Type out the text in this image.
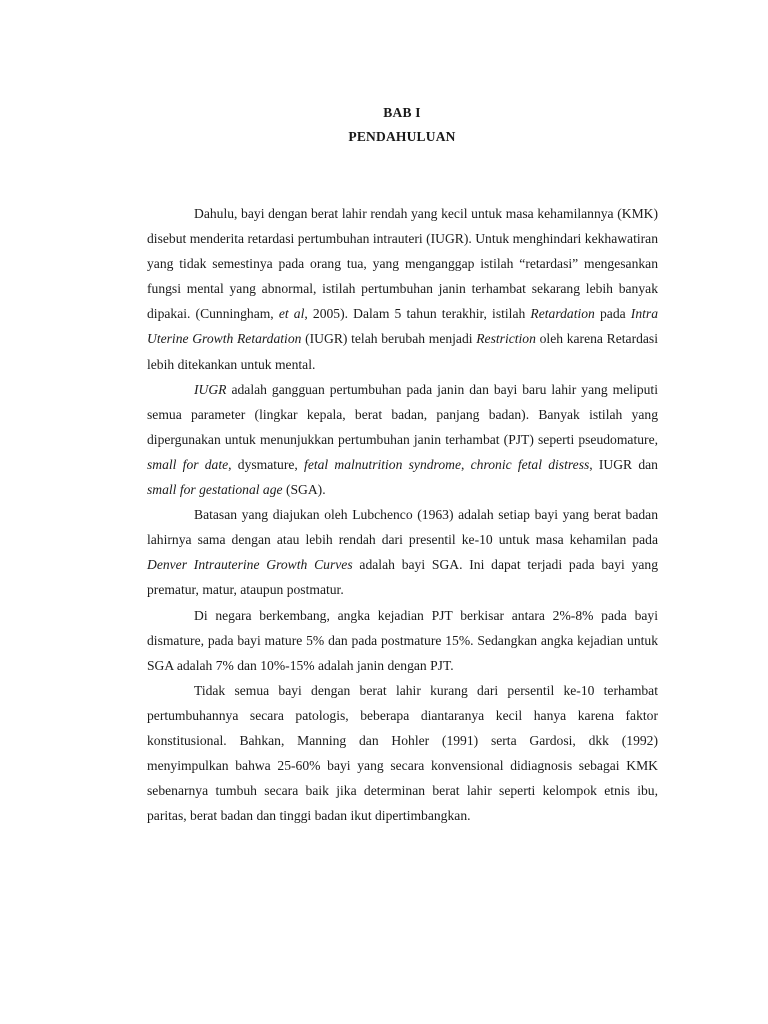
BAB I
PENDAHULUAN

Dahulu, bayi dengan berat lahir rendah yang kecil untuk masa kehamilannya (KMK) disebut menderita retardasi pertumbuhan intrauteri (IUGR). Untuk menghindari kekhawatiran yang tidak semestinya pada orang tua, yang menganggap istilah “retardasi” mengesankan fungsi mental yang abnormal, istilah pertumbuhan janin terhambat sekarang lebih banyak dipakai. (Cunningham, et al, 2005). Dalam 5 tahun terakhir, istilah Retardation pada Intra Uterine Growth Retardation (IUGR) telah berubah menjadi Restriction oleh karena Retardasi lebih ditekankan untuk mental.

IUGR adalah gangguan pertumbuhan pada janin dan bayi baru lahir yang meliputi semua parameter (lingkar kepala, berat badan, panjang badan). Banyak istilah yang dipergunakan untuk menunjukkan pertumbuhan janin terhambat (PJT) seperti pseudomature, small for date, dysmature, fetal malnutrition syndrome, chronic fetal distress, IUGR dan small for gestational age (SGA).

Batasan yang diajukan oleh Lubchenco (1963) adalah setiap bayi yang berat badan lahirnya sama dengan atau lebih rendah dari presentil ke-10 untuk masa kehamilan pada Denver Intrauterine Growth Curves adalah bayi SGA. Ini dapat terjadi pada bayi yang prematur, matur, ataupun postmatur.

Di negara berkembang, angka kejadian PJT berkisar antara 2%-8% pada bayi dismature, pada bayi mature 5% dan pada postmature 15%. Sedangkan angka kejadian untuk SGA adalah 7% dan 10%-15% adalah janin dengan PJT.

Tidak semua bayi dengan berat lahir kurang dari persentil ke-10 terhambat pertumbuhannya secara patologis, beberapa diantaranya kecil hanya karena faktor konstitusional. Bahkan, Manning dan Hohler (1991) serta Gardosi, dkk (1992) menyimpulkan bahwa 25-60% bayi yang secara konvensional didiagnosis sebagai KMK sebenarnya tumbuh secara baik jika determinan berat lahir seperti kelompok etnis ibu, paritas, berat badan dan tinggi badan ikut dipertimbangkan.
